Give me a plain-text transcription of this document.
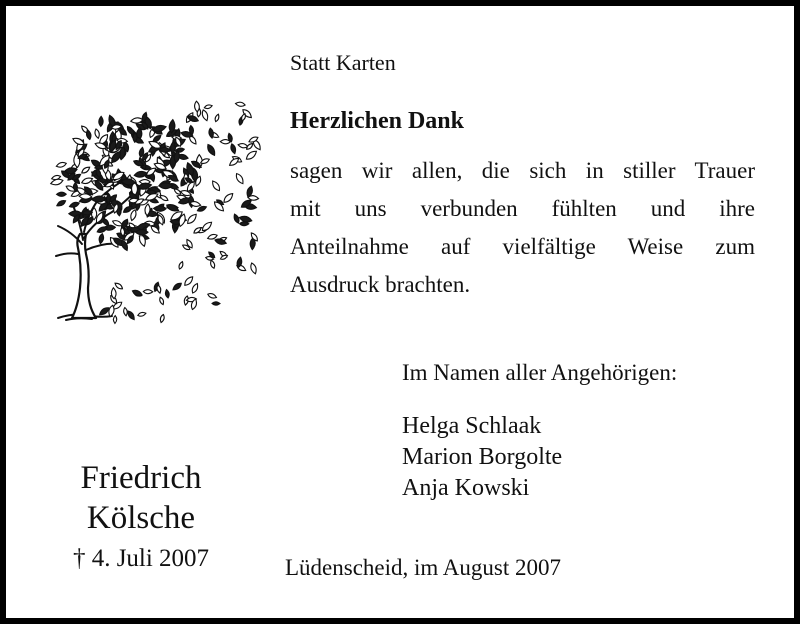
Statt Karten

Herzlichen Dank

sagen wir allen, die sich in stiller Trauer
mit uns verbunden fühlten und ihre
Anteilnahme auf vielfältige Weise zum
Ausdruck brachten.

Im Namen aller Angehörigen:

Helga Schlaak
Marion Borgolte
Anja Kowski
Friedrich
Kölsche
† 4. Juli 2007	Lüdenscheid, im August 2007
